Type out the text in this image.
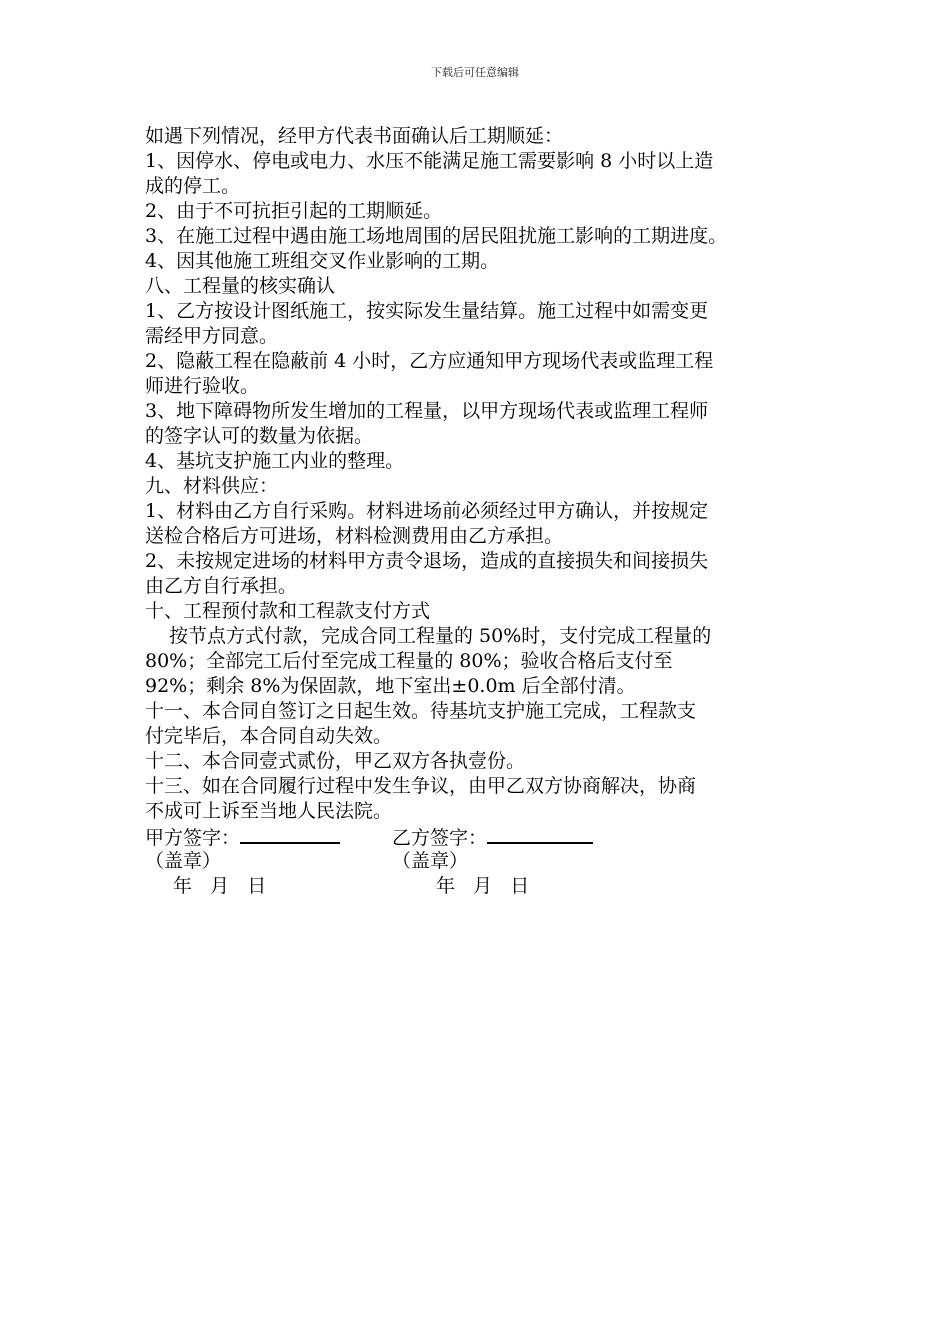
下载后可任意编辑
如遇下列情况，经甲方代表书面确认后工期顺延：
1、因停水、停电或电力、水压不能满足施工需要影响 8 小时以上造
成的停工。
2、由于不可抗拒引起的工期顺延。
3、在施工过程中遇由施工场地周围的居民阻扰施工影响的工期进度。
4、因其他施工班组交叉作业影响的工期。
八、工程量的核实确认
1、乙方按设计图纸施工，按实际发生量结算。施工过程中如需变更
需经甲方同意。
2、隐蔽工程在隐蔽前 4 小时，乙方应通知甲方现场代表或监理工程
师进行验收。
3、地下障碍物所发生增加的工程量，以甲方现场代表或监理工程师
的签字认可的数量为依据。
4、基坑支护施工内业的整理。
九、材料供应：
1、材料由乙方自行采购。材料进场前必须经过甲方确认，并按规定
送检合格后方可进场，材料检测费用由乙方承担。
2、未按规定进场的材料甲方责令退场，造成的直接损失和间接损失
由乙方自行承担。
十、工程预付款和工程款支付方式
按节点方式付款，完成合同工程量的 50%时，支付完成工程量的
80%；全部完工后付至完成工程量的 80%；验收合格后支付至
92%；剩余 8%为保固款，地下室出±0.0m 后全部付清。
十一、本合同自签订之日起生效。待基坑支护施工完成，工程款支
付完毕后，本合同自动失效。
十二、本合同壹式贰份，甲乙双方各执壹份。
十三、如在合同履行过程中发生争议，由甲乙双方协商解决，协商
不成可上诉至当地人民法院。
甲方签字：	乙方签字：
（盖章）	（盖章）
年   月   日	年   月   日
